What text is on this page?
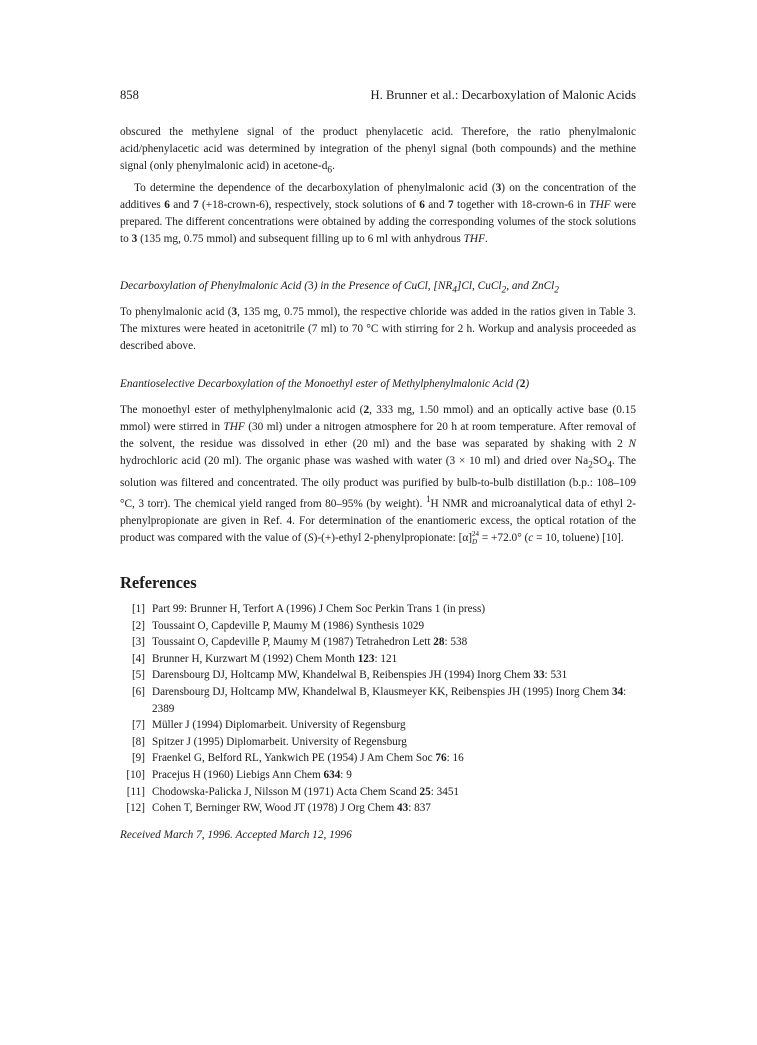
858	H. Brunner et al.: Decarboxylation of Malonic Acids

obscured the methylene signal of the product phenylacetic acid. Therefore, the ratio phenylmalonic acid/phenylacetic acid was determined by integration of the phenyl signal (both compounds) and the methine signal (only phenylmalonic acid) in acetone-$d_6$.

To determine the dependence of the decarboxylation of phenylmalonic acid (3) on the concentration of the additives 6 and 7 (+18-crown-6), respectively, stock solutions of 6 and 7 together with 18-crown-6 in THF were prepared. The different concentrations were obtained by adding the corresponding volumes of the stock solutions to 3 (135 mg, 0.75 mmol) and subsequent filling up to 6 ml with anhydrous THF.

Decarboxylation of Phenylmalonic Acid (3) in the Presence of CuCl, $[NR_4]Cl$, CuCl$_2$, and ZnCl$_2$

To phenylmalonic acid (3, 135 mg, 0.75 mmol), the respective chloride was added in the ratios given in Table 3. The mixtures were heated in acetonitrile (7 ml) to 70 °C with stirring for 2 h. Workup and analysis proceeded as described above.

Enantioselective Decarboxylation of the Monoethyl ester of Methylphenylmalonic Acid (2)

The monoethyl ester of methylphenylmalonic acid (2, 333 mg, 1.50 mmol) and an optically active base (0.15 mmol) were stirred in THF (30 ml) under a nitrogen atmosphere for 20 h at room temperature. After removal of the solvent, the residue was dissolved in ether (20 ml) and the base was separated by shaking with 2 N hydrochloric acid (20 ml). The organic phase was washed with water (3 × 10 ml) and dried over $Na_2SO_4$. The solution was filtered and concentrated. The oily product was purified by bulb-to-bulb distillation (b.p.: 108–109 °C, 3 torr). The chemical yield ranged from 80–95% (by weight). $^1$H NMR and microanalytical data of ethyl 2-phenylpropionate are given in Ref. 4. For determination of the enantiomeric excess, the optical rotation of the product was compared with the value of (S)-(+)-ethyl 2-phenylpropionate: [α] 24
D = +72.0° (c = 10, toluene) [10].

References
[1] Part 99: Brunner H, Terfort A (1996) J Chem Soc Perkin Trans 1 (in press)
[2] Toussaint O, Capdeville P, Maumy M (1986) Synthesis 1029
[3] Toussaint O, Capdeville P, Maumy M (1987) Tetrahedron Lett 28: 538
[4] Brunner H, Kurzwart M (1992) Chem Month 123: 121
[5] Darensbourg DJ, Holtcamp MW, Khandelwal B, Reibenspies JH (1994) Inorg Chem 33: 531
[6] Darensbourg DJ, Holtcamp MW, Khandelwal B, Klausmeyer KK, Reibenspies JH (1995) Inorg Chem 34: 2389
[7] Müller J (1994) Diplomarbeit. University of Regensburg
[8] Spitzer J (1995) Diplomarbeit. University of Regensburg
[9] Fraenkel G, Belford RL, Yankwich PE (1954) J Am Chem Soc 76: 16
[10] Pracejus H (1960) Liebigs Ann Chem 634: 9
[11] Chodowska-Palicka J, Nilsson M (1971) Acta Chem Scand 25: 3451
[12] Cohen T, Berninger RW, Wood JT (1978) J Org Chem 43: 837
Received March 7, 1996. Accepted March 12, 1996
